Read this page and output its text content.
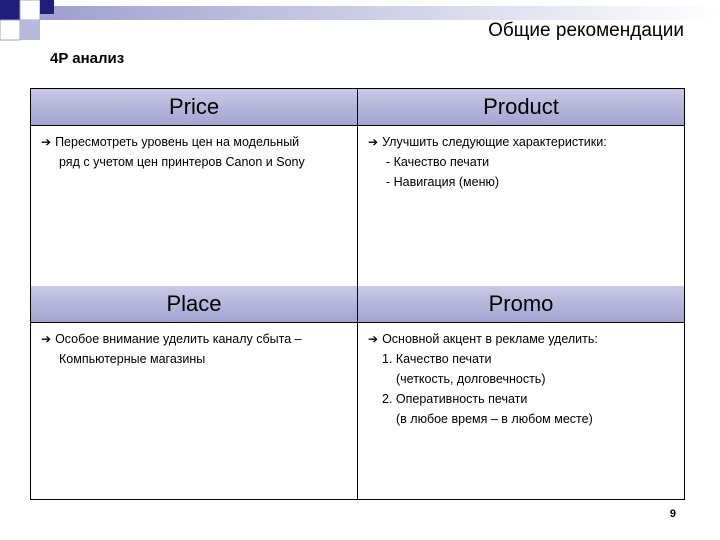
Общие рекомендации
4P анализ
Price
➔ Пересмотреть уровень цен на модельный
ряд с учетом цен принтеров Canon и Sony
Product
➔ Улучшить следующие характеристики:
- Качество печати
- Навигация (меню)
Place
➔ Особое внимание уделить каналу сбыта –
Компьютерные магазины
Promo
➔ Основной акцент в рекламе уделить:
1. Качество печати
(четкость, долговечность)
2. Оперативность печати
(в любое время – в любом месте)
9
